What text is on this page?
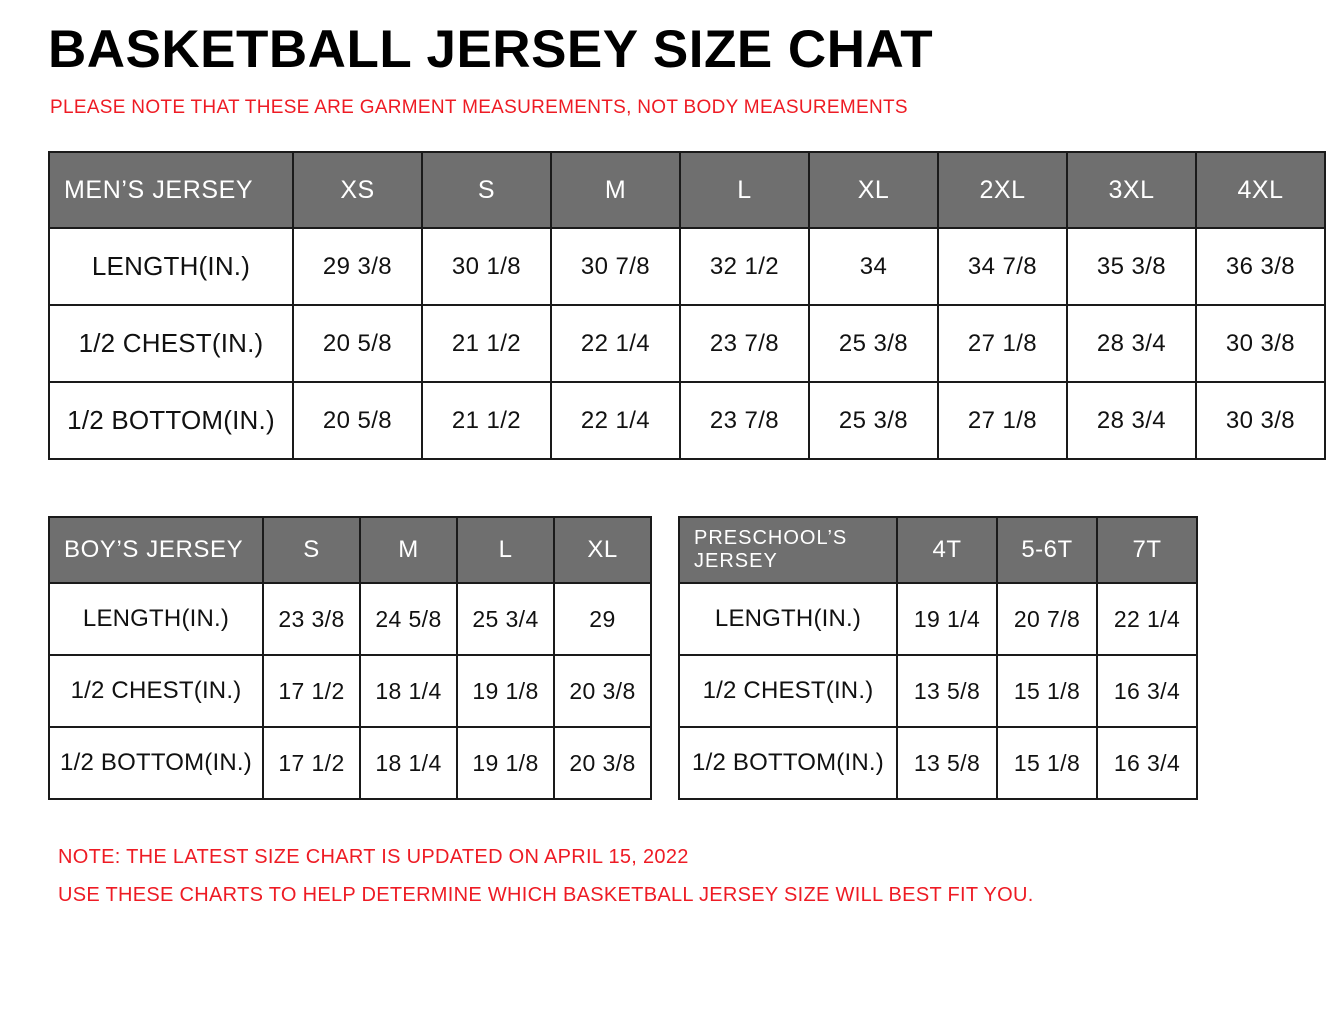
BASKETBALL JERSEY SIZE CHAT
PLEASE NOTE THAT THESE ARE GARMENT MEASUREMENTS, NOT BODY MEASUREMENTS
MEN’S JERSEY	XS	S	M	L	XL	2XL	3XL	4XL
LENGTH(IN.)	29 3/8	30 1/8	30 7/8	32 1/2	34	34 7/8	35 3/8	36 3/8
1/2 CHEST(IN.)	20 5/8	21 1/2	22 1/4	23 7/8	25 3/8	27 1/8	28 3/4	30 3/8
1/2 BOTTOM(IN.)	20 5/8	21 1/2	22 1/4	23 7/8	25 3/8	27 1/8	28 3/4	30 3/8
BOY’S JERSEY	S	M	L	XL
LENGTH(IN.)	23 3/8	24 5/8	25 3/4	29
1/2 CHEST(IN.)	17 1/2	18 1/4	19 1/8	20 3/8
1/2 BOTTOM(IN.)	17 1/2	18 1/4	19 1/8	20 3/8
PRESCHOOL’S JERSEY	4T	5-6T	7T
LENGTH(IN.)	19 1/4	20 7/8	22 1/4
1/2 CHEST(IN.)	13 5/8	15 1/8	16 3/4
1/2 BOTTOM(IN.)	13 5/8	15 1/8	16 3/4
NOTE: THE LATEST SIZE CHART IS UPDATED ON APRIL 15, 2022
USE THESE CHARTS TO HELP DETERMINE WHICH BASKETBALL JERSEY SIZE WILL BEST FIT YOU.
